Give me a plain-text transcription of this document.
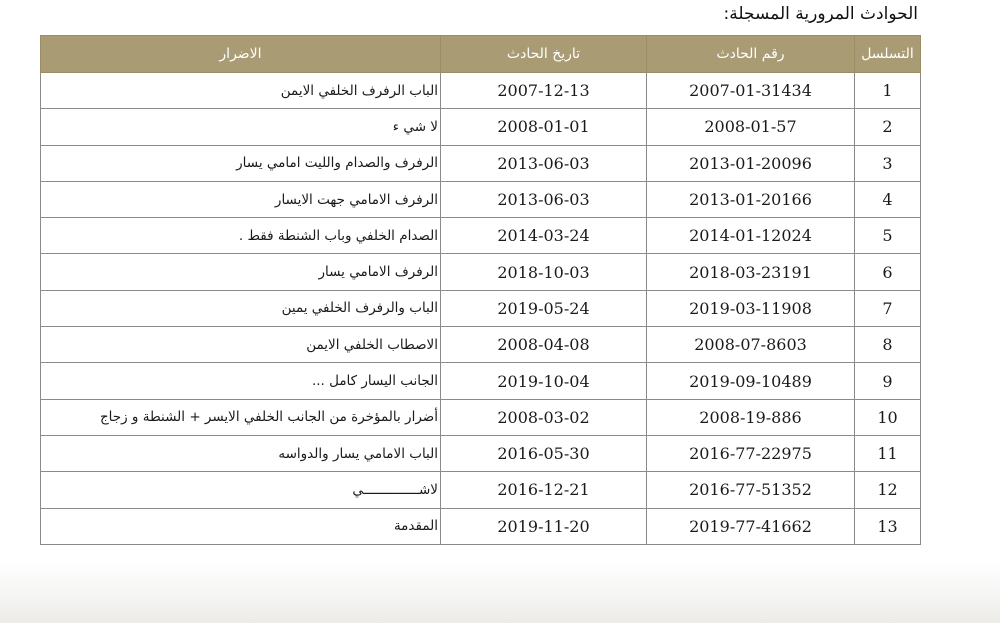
الحوادث المرورية المسجلة:
التسلسل	رقم الحادث	تاريخ الحادث	الاضرار
1	2007-01-31434	2007-12-13	الباب الرفرف الخلفي الايمن
2	2008-01-57	2008-01-01	لا شي ء
3	2013-01-20096	2013-06-03	الرفرف والصدام والليت امامي يسار
4	2013-01-20166	2013-06-03	الرفرف الامامي جهت الايسار
5	2014-01-12024	2014-03-24	الصدام الخلفي وباب الشنطة فقط .
6	2018-03-23191	2018-10-03	الرفرف الامامي يسار
7	2019-03-11908	2019-05-24	الباب والرفرف الخلفي يمين
8	2008-07-8603	2008-04-08	الاصطاب الخلفي الايمن
9	2019-09-10489	2019-10-04	الجانب اليسار كامل ...
10	2008-19-886	2008-03-02	أضرار بالمؤخرة من الجانب الخلفي الايسر + الشنطة و زجاج
11	2016-77-22975	2016-05-30	الباب الامامي يسار والدواسه
12	2016-77-51352	2016-12-21	لاشــــــــــــــي
13	2019-77-41662	2019-11-20	المقدمة
